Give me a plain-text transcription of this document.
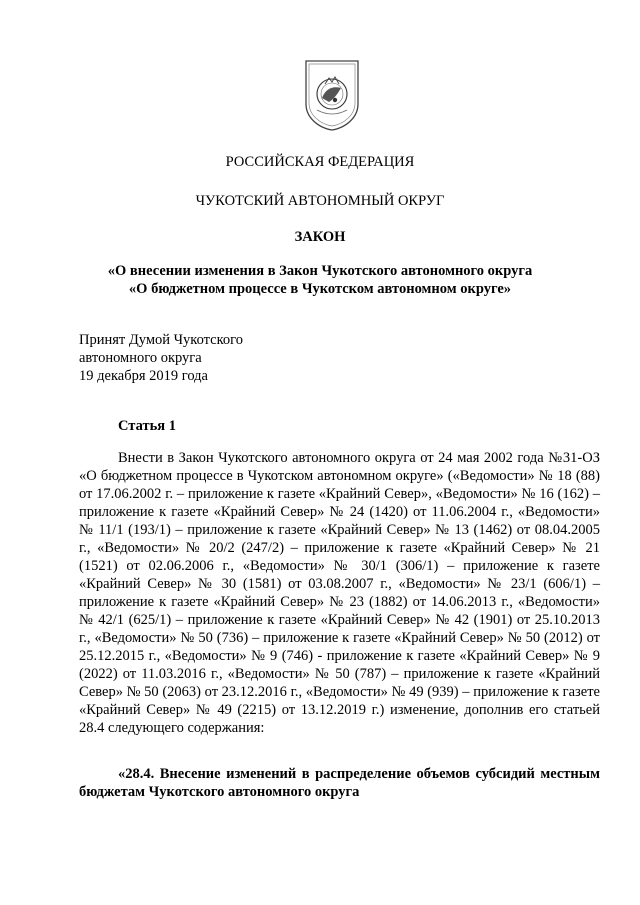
РОССИЙСКАЯ ФЕДЕРАЦИЯ
ЧУКОТСКИЙ АВТОНОМНЫЙ ОКРУГ
ЗАКОН
«О внесении изменения в Закон Чукотского автономного округа
«О бюджетном процессе в Чукотском автономном округе»
Принят Думой Чукотского
автономного округа
19 декабря 2019 года
Статья 1
Внести в Закон Чукотского автономного округа от 24 мая 2002 года №31-ОЗ «О бюджетном процессе в Чукотском автономном округе» («Ведомости» № 18 (88) от 17.06.2002 г. – приложение к газете «Крайний Север», «Ведомости» № 16 (162) – приложение к газете «Крайний Север» № 24 (1420) от 11.06.2004 г., «Ведомости» № 11/1 (193/1) – приложение к газете «Крайний Север» № 13 (1462) от 08.04.2005 г., «Ведомости» № 20/2 (247/2) – приложение к газете «Крайний Север» № 21 (1521) от 02.06.2006 г., «Ведомости» № 30/1 (306/1) – приложение к газете «Крайний Север» № 30 (1581) от 03.08.2007 г., «Ведомости» № 23/1 (606/1) – приложение к газете «Крайний Север» № 23 (1882) от 14.06.2013 г., «Ведомости» № 42/1 (625/1) – приложение к газете «Крайний Север» № 42 (1901) от 25.10.2013 г., «Ведомости» № 50 (736) – приложение к газете «Крайний Север» № 50 (2012) от 25.12.2015 г., «Ведомости» № 9 (746) - приложение к газете «Крайний Север» № 9 (2022) от 11.03.2016 г., «Ведомости» № 50 (787) – приложение к газете «Крайний Север» № 50 (2063) от 23.12.2016 г., «Ведомости» № 49 (939) – приложение к газете «Крайний Север» № 49 (2215) от 13.12.2019 г.) изменение, дополнив его статьей 28.4 следующего содержания:
«28.4. Внесение изменений в распределение объемов субсидий местным бюджетам Чукотского автономного округа
